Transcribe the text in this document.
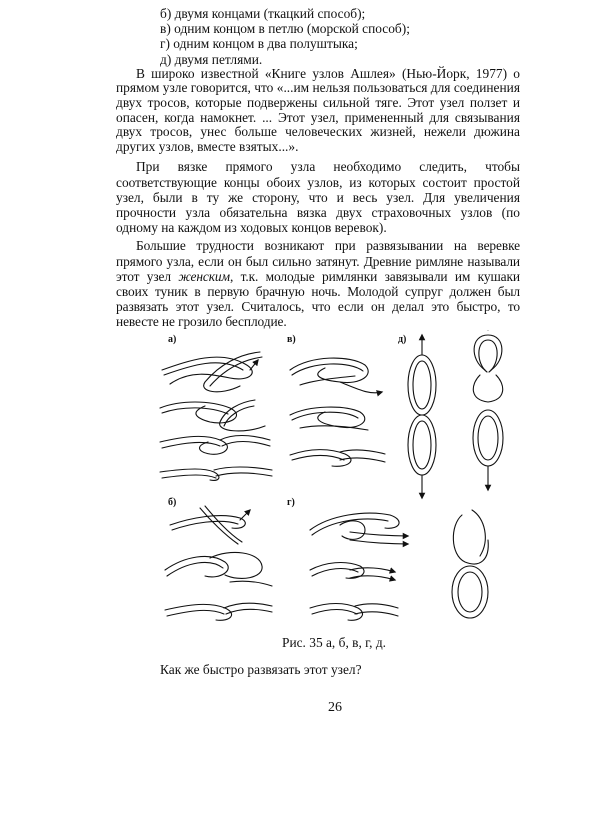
б) двумя концами (ткацкий способ);

в) одним концом в петлю (морской способ);

г) одним концом в два полуштыка;

д) двумя петлями.

В широко известной «Книге узлов Ашлея» (Нью-Йорк, 1977) о прямом узле говорится, что «...им нельзя пользоваться для соединения двух тросов, которые подвержены сильной тяге. Этот узел ползет и опасен, когда намокнет. ... Этот узел, примененный для связывания двух тросов, унес больше человеческих жизней, нежели дюжина других узлов, вместе взятых...».

При вязке прямого узла необходимо следить, чтобы соответствующие концы обоих узлов, из которых состоит простой узел, были в ту же сторону, что и весь узел. Для увеличения прочности узла обязательна вязка двух страховочных узлов (по одному на каждом из ходовых концов веревок).

Большие трудности возникают при развязывании на веревке прямого узла, если он был сильно затянут. Древние римляне называли этот узел женским, т.к. молодые римлянки завязывали им кушаки своих туник в первую брачную ночь. Молодой супруг должен был развязать этот узел. Считалось, что если он делал это быстро, то невесте не грозило бесплодие.

а)	в)	д)
б)	г)
Рис. 35 а, б, в, г, д.
Как же быстро развязать этот узел?
26
